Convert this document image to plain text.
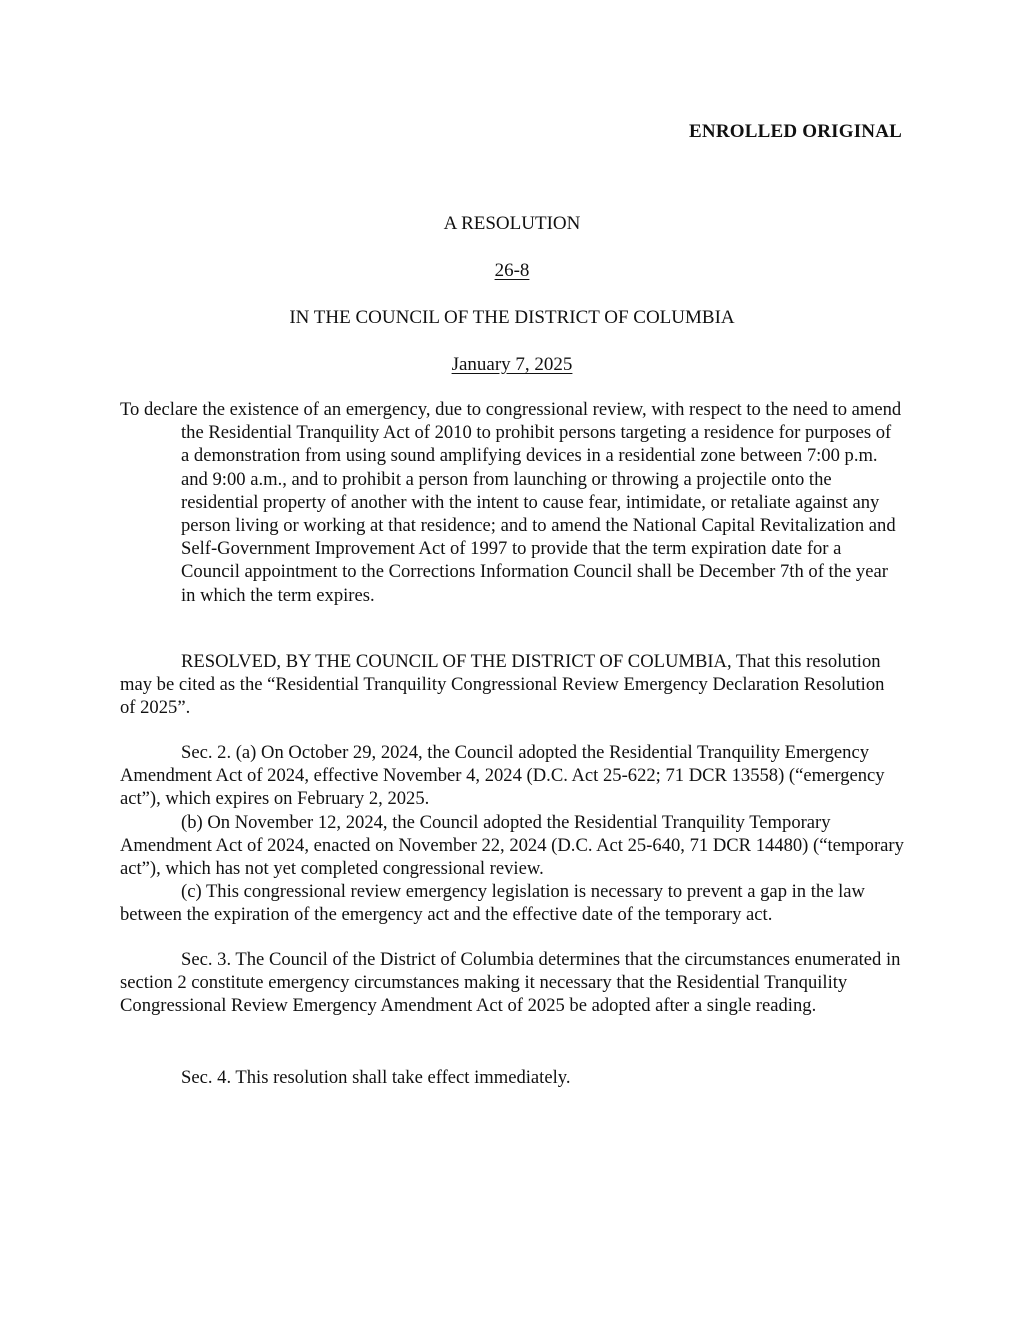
ENROLLED ORIGINAL
A RESOLUTION
26-8
IN THE COUNCIL OF THE DISTRICT OF COLUMBIA
January 7, 2025
To declare the existence of an emergency, due to congressional review, with respect to the need to amend the Residential Tranquility Act of 2010 to prohibit persons targeting a residence for purposes of a demonstration from using sound amplifying devices in a residential zone between 7:00 p.m. and 9:00 a.m., and to prohibit a person from launching or throwing a projectile onto the residential property of another with the intent to cause fear, intimidate, or retaliate against any person living or working at that residence; and to amend the National Capital Revitalization and Self-Government Improvement Act of 1997 to provide that the term expiration date for a Council appointment to the Corrections Information Council shall be December 7th of the year in which the term expires.

RESOLVED, BY THE COUNCIL OF THE DISTRICT OF COLUMBIA, That this resolution may be cited as the “Residential Tranquility Congressional Review Emergency Declaration Resolution of 2025”.

Sec. 2. (a) On October 29, 2024, the Council adopted the Residential Tranquility Emergency Amendment Act of 2024, effective November 4, 2024 (D.C. Act 25-622; 71 DCR 13558) (“emergency act”), which expires on February 2, 2025.

(b) On November 12, 2024, the Council adopted the Residential Tranquility Temporary Amendment Act of 2024, enacted on November 22, 2024 (D.C. Act 25-640, 71 DCR 14480) (“temporary act”), which has not yet completed congressional review.

(c) This congressional review emergency legislation is necessary to prevent a gap in the law between the expiration of the emergency act and the effective date of the temporary act.

Sec. 3. The Council of the District of Columbia determines that the circumstances enumerated in section 2 constitute emergency circumstances making it necessary that the Residential Tranquility Congressional Review Emergency Amendment Act of 2025 be adopted after a single reading.

Sec. 4. This resolution shall take effect immediately.
